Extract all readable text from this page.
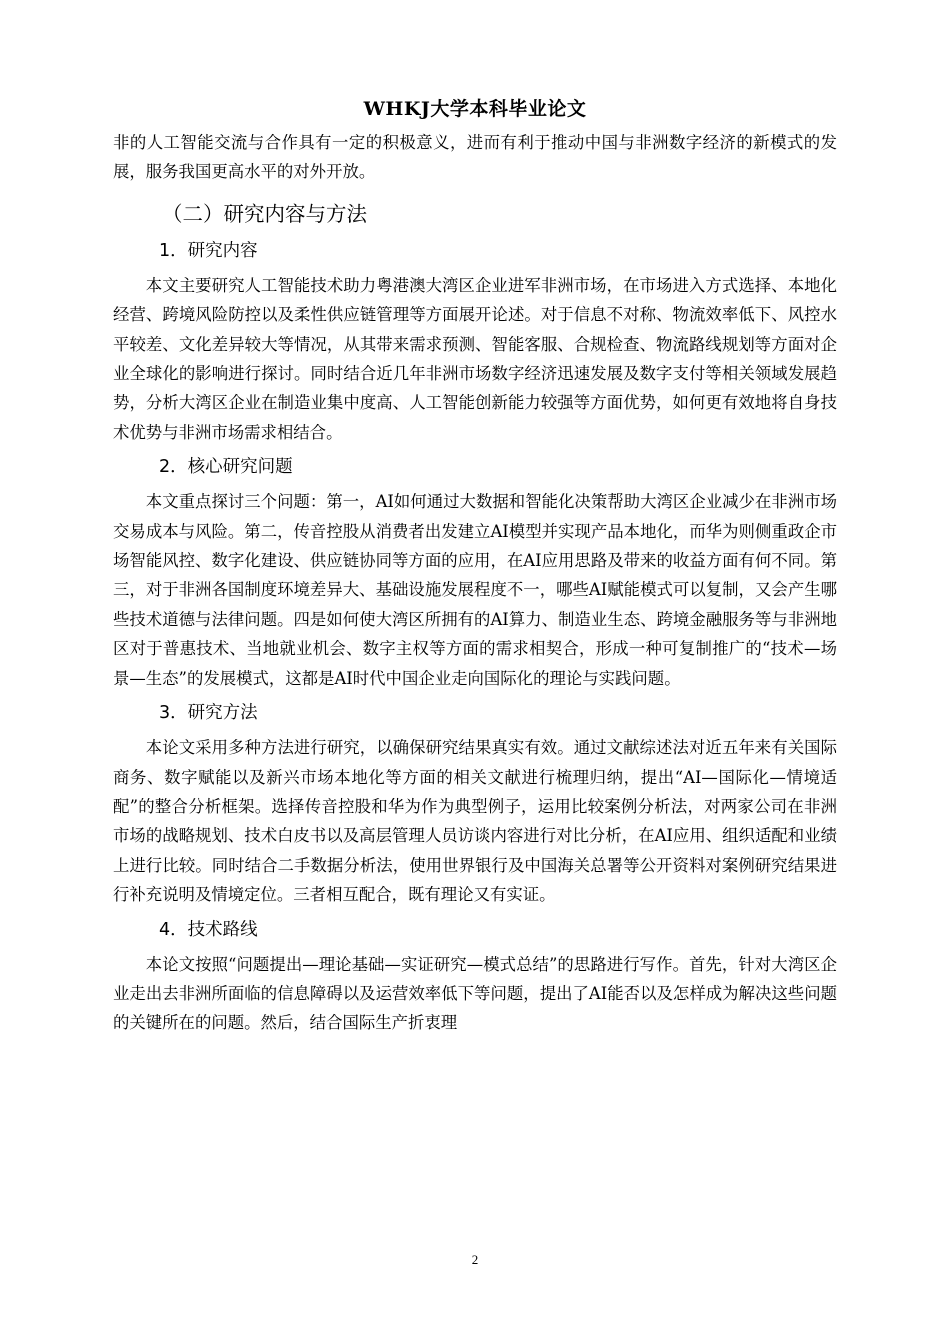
WHKJ大学本科毕业论文

非的人工智能交流与合作具有一定的积极意义，进而有利于推动中国与非洲数字经济的新模式的发展，服务我国更高水平的对外开放。

（二）研究内容与方法
1．研究内容

本文主要研究人工智能技术助力粤港澳大湾区企业进军非洲市场，在市场进入方式选择、本地化经营、跨境风险防控以及柔性供应链管理等方面展开论述。对于信息不对称、物流效率低下、风控水平较差、文化差异较大等情况，从其带来需求预测、智能客服、合规检查、物流路线规划等方面对企业全球化的影响进行探讨。同时结合近几年非洲市场数字经济迅速发展及数字支付等相关领域发展趋势，分析大湾区企业在制造业集中度高、人工智能创新能力较强等方面优势，如何更有效地将自身技术优势与非洲市场需求相结合。

2．核心研究问题

本文重点探讨三个问题：第一，AI如何通过大数据和智能化决策帮助大湾区企业减少在非洲市场交易成本与风险。第二，传音控股从消费者出发建立AI模型并实现产品本地化，而华为则侧重政企市场智能风控、数字化建设、供应链协同等方面的应用，在AI应用思路及带来的收益方面有何不同。第三，对于非洲各国制度环境差异大、基础设施发展程度不一，哪些AI赋能模式可以复制，又会产生哪些技术道德与法律问题。四是如何使大湾区所拥有的AI算力、制造业生态、跨境金融服务等与非洲地区对于普惠技术、当地就业机会、数字主权等方面的需求相契合，形成一种可复制推广的“技术—场景—生态”的发展模式，这都是AI时代中国企业走向国际化的理论与实践问题。

3．研究方法

本论文采用多种方法进行研究，以确保研究结果真实有效。通过文献综述法对近五年来有关国际商务、数字赋能以及新兴市场本地化等方面的相关文献进行梳理归纳，提出“AI—国际化—情境适配”的整合分析框架。选择传音控股和华为作为典型例子，运用比较案例分析法，对两家公司在非洲市场的战略规划、技术白皮书以及高层管理人员访谈内容进行对比分析，在AI应用、组织适配和业绩上进行比较。同时结合二手数据分析法，使用世界银行及中国海关总署等公开资料对案例研究结果进行补充说明及情境定位。三者相互配合，既有理论又有实证。

4．技术路线

本论文按照“问题提出—理论基础—实证研究—模式总结”的思路进行写作。首先，针对大湾区企业走出去非洲所面临的信息障碍以及运营效率低下等问题，提出了AI能否以及怎样成为解决这些问题的关键所在的问题。然后，结合国际生产折衷理

2
